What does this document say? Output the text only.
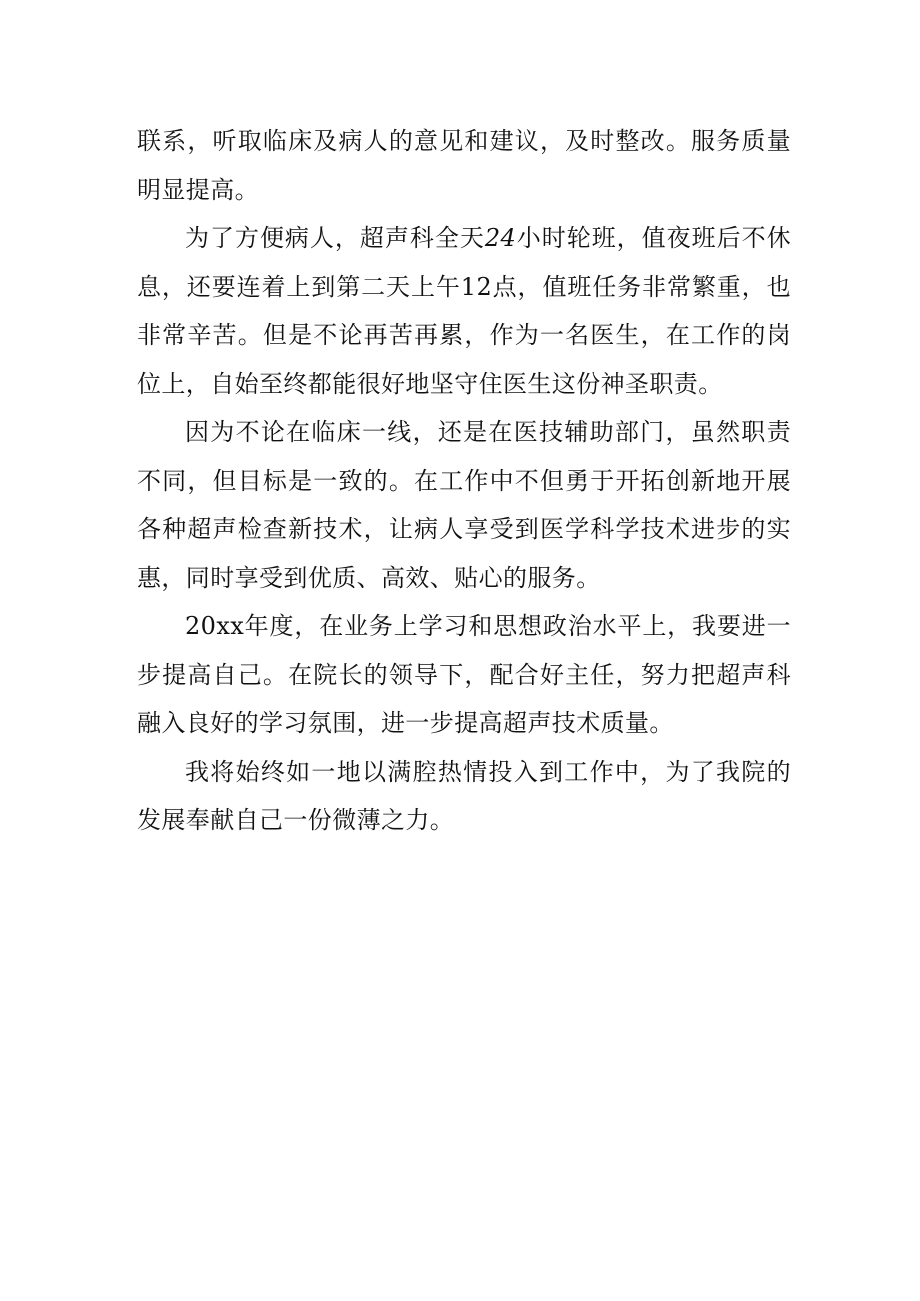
联系，听取临床及病人的意见和建议，及时整改。服务质量明显提高。

为了方便病人，超声科全天24小时轮班，值夜班后不休息，还要连着上到第二天上午12点，值班任务非常繁重，也非常辛苦。但是不论再苦再累，作为一名医生，在工作的岗位上，自始至终都能很好地坚守住医生这份神圣职责。

因为不论在临床一线，还是在医技辅助部门，虽然职责不同，但目标是一致的。在工作中不但勇于开拓创新地开展各种超声检查新技术，让病人享受到医学科学技术进步的实惠，同时享受到优质、高效、贴心的服务。

20xx年度，在业务上学习和思想政治水平上，我要进一步提高自己。在院长的领导下，配合好主任，努力把超声科融入良好的学习氛围，进一步提高超声技术质量。

我将始终如一地以满腔热情投入到工作中，为了我院的发展奉献自己一份微薄之力。
